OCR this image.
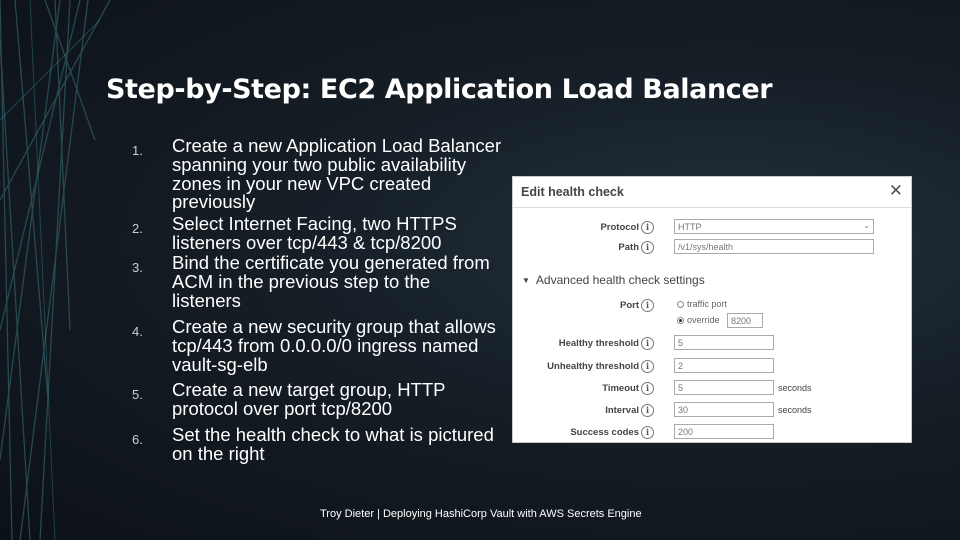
Step-by-Step: EC2 Application Load Balancer
1.	Create a new Application Load Balancer spanning your two public availability zones in your new VPC created previously
2.	Select Internet Facing, two HTTPS listeners over tcp/443 & tcp/8200
3.	Bind the certificate you generated from ACM in the previous step to the listeners
4.	Create a new security group that allows tcp/443 from 0.0.0.0/0 ingress named vault-sg-elb
5.	Create a new target group, HTTP protocol over port tcp/8200
6.	Set the health check to what is pictured on the right
Edit health check	✕
Protocol i	HTTP	⌄
Path i	/v1/sys/health
▼ Advanced health check settings
Port i	traffic port
override	8200
Healthy threshold i	5
Unhealthy threshold i	2
Timeout i	5	seconds
Interval i	30	seconds
Success codes i	200
Troy Dieter | Deploying HashiCorp Vault with AWS Secrets Engine
